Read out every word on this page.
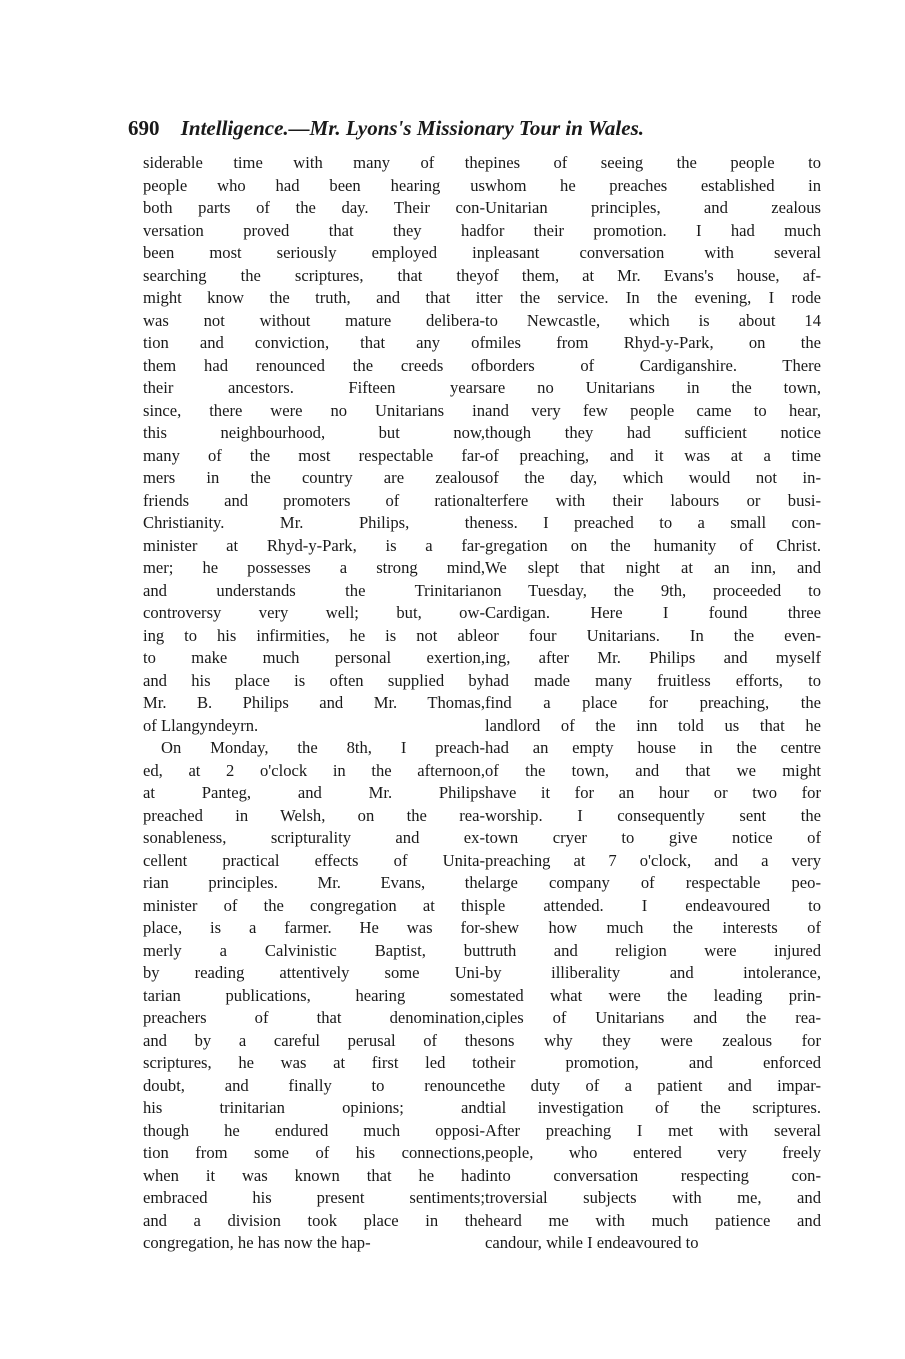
690 Intelligence.—Mr. Lyons's Missionary Tour in Wales.
siderable time with many of the
people who had been hearing us
both parts of the day. Their con-
versation proved that they had
been most seriously employed in
searching the scriptures, that they
might know the truth, and that it
was not without mature delibera-
tion and conviction, that any of
them had renounced the creeds of
their ancestors. Fifteen years
since, there were no Unitarians in
this neighbourhood, but now,
many of the most respectable far-
mers in the country are zealous
friends and promoters of rational
Christianity. Mr. Philips, the
minister at Rhyd-y-Park, is a far-
mer; he possesses a strong mind,
and understands the Trinitarian
controversy very well; but, ow-
ing to his infirmities, he is not able
to make much personal exertion,
and his place is often supplied by
Mr. B. Philips and Mr. Thomas,
of Llangyndeyrn.
On Monday, the 8th, I preach-
ed, at 2 o'clock in the afternoon,
at Panteg, and Mr. Philips
preached in Welsh, on the rea-
sonableness, scripturality and ex-
cellent practical effects of Unita-
rian principles. Mr. Evans, the
minister of the congregation at this
place, is a farmer. He was for-
merly a Calvinistic Baptist, but
by reading attentively some Uni-
tarian publications, hearing some
preachers of that denomination,
and by a careful perusal of the
scriptures, he was at first led to
doubt, and finally to renounce
his trinitarian opinions; and
though he endured much opposi-
tion from some of his connections,
when it was known that he had
embraced his present sentiments;
and a division took place in the
congregation, he has now the hap-
pines of seeing the people to
whom he preaches established in
Unitarian principles, and zealous
for their promotion. I had much
pleasant conversation with several
of them, at Mr. Evans's house, af-
ter the service. In the evening, I rode
to Newcastle, which is about 14
miles from Rhyd-y-Park, on the
borders of Cardiganshire. There
are no Unitarians in the town,
and very few people came to hear,
though they had sufficient notice
of preaching, and it was at a time
of the day, which would not in-
terfere with their labours or busi-
ness. I preached to a small con-
gregation on the humanity of Christ.
We slept that night at an inn, and
on Tuesday, the 9th, proceeded to
Cardigan. Here I found three
or four Unitarians. In the even-
ing, after Mr. Philips and myself
had made many fruitless efforts, to
find a place for preaching, the
landlord of the inn told us that he
had an empty house in the centre
of the town, and that we might
have it for an hour or two for
worship. I consequently sent the
town cryer to give notice of
preaching at 7 o'clock, and a very
large company of respectable peo-
ple attended. I endeavoured to
shew how much the interests of
truth and religion were injured
by illiberality and intolerance,
stated what were the leading prin-
ciples of Unitarians and the rea-
sons why they were zealous for
their promotion, and enforced
the duty of a patient and impar-
tial investigation of the scriptures.
After preaching I met with several
people, who entered very freely
into conversation respecting con-
troversial subjects with me, and
heard me with much patience and
candour, while I endeavoured to
